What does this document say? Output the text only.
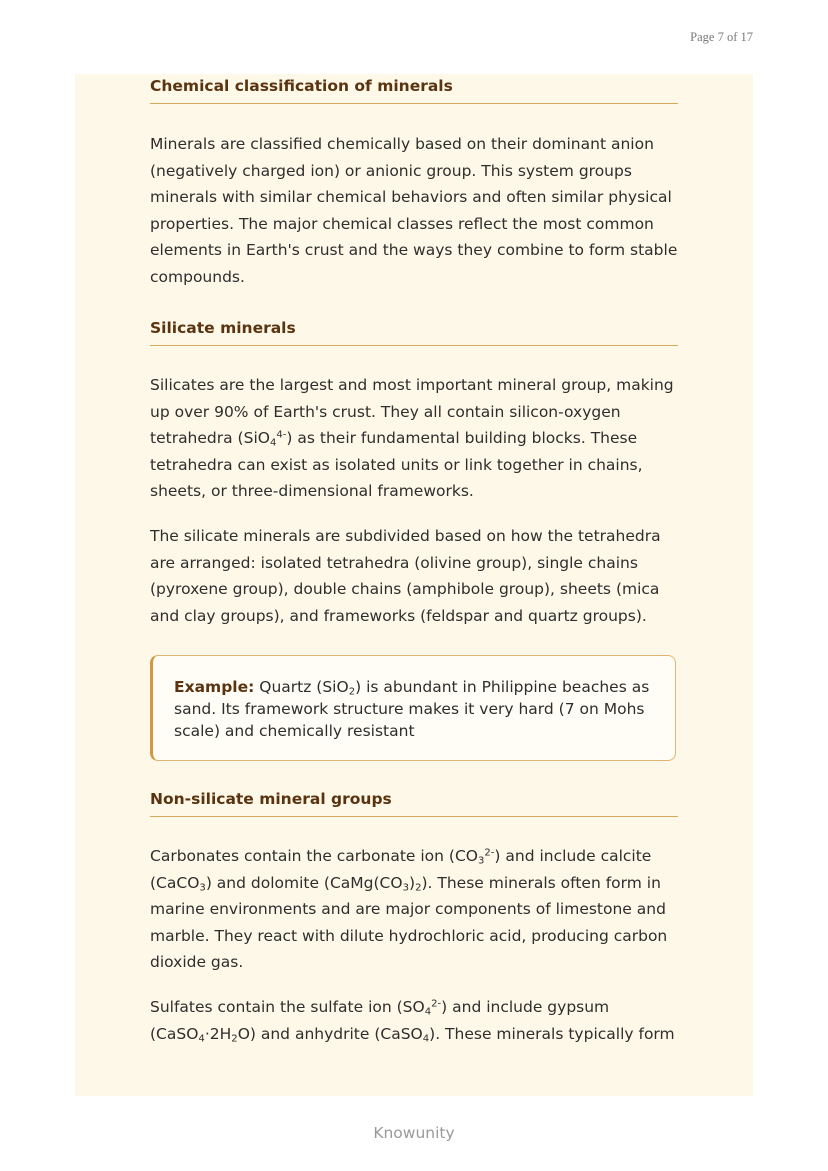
Page 7 of 17
Chemical classification of minerals
Minerals are classified chemically based on their dominant anion (negatively charged ion) or anionic group. This system groups minerals with similar chemical behaviors and often similar physical properties. The major chemical classes reflect the most common elements in Earth's crust and the ways they combine to form stable compounds.
Silicate minerals
Silicates are the largest and most important mineral group, making up over 90% of Earth's crust. They all contain silicon-oxygen tetrahedra (SiO$_4^{4-}$) as their fundamental building blocks. These tetrahedra can exist as isolated units or link together in chains, sheets, or three-dimensional frameworks.
The silicate minerals are subdivided based on how the tetrahedra are arranged: isolated tetrahedra (olivine group), single chains (pyroxene group), double chains (amphibole group), sheets (mica and clay groups), and frameworks (feldspar and quartz groups).
Example: Quartz (SiO$_2$) is abundant in Philippine beaches as sand. Its framework structure makes it very hard (7 on Mohs scale) and chemically resistant
Non-silicate mineral groups
Carbonates contain the carbonate ion $(CO_3^{2-})$ and include calcite (CaCO$_3$) and dolomite $(CaMg(CO_3)_2)$. These minerals often form in marine environments and are major components of limestone and marble. They react with dilute hydrochloric acid, producing carbon dioxide gas.
Sulfates contain the sulfate ion $(SO_4^{2-})$ and include gypsum $(CaSO_4\cdot 2H_2O)$ and anhydrite (CaSO$_4$). These minerals typically form
Knowunity
